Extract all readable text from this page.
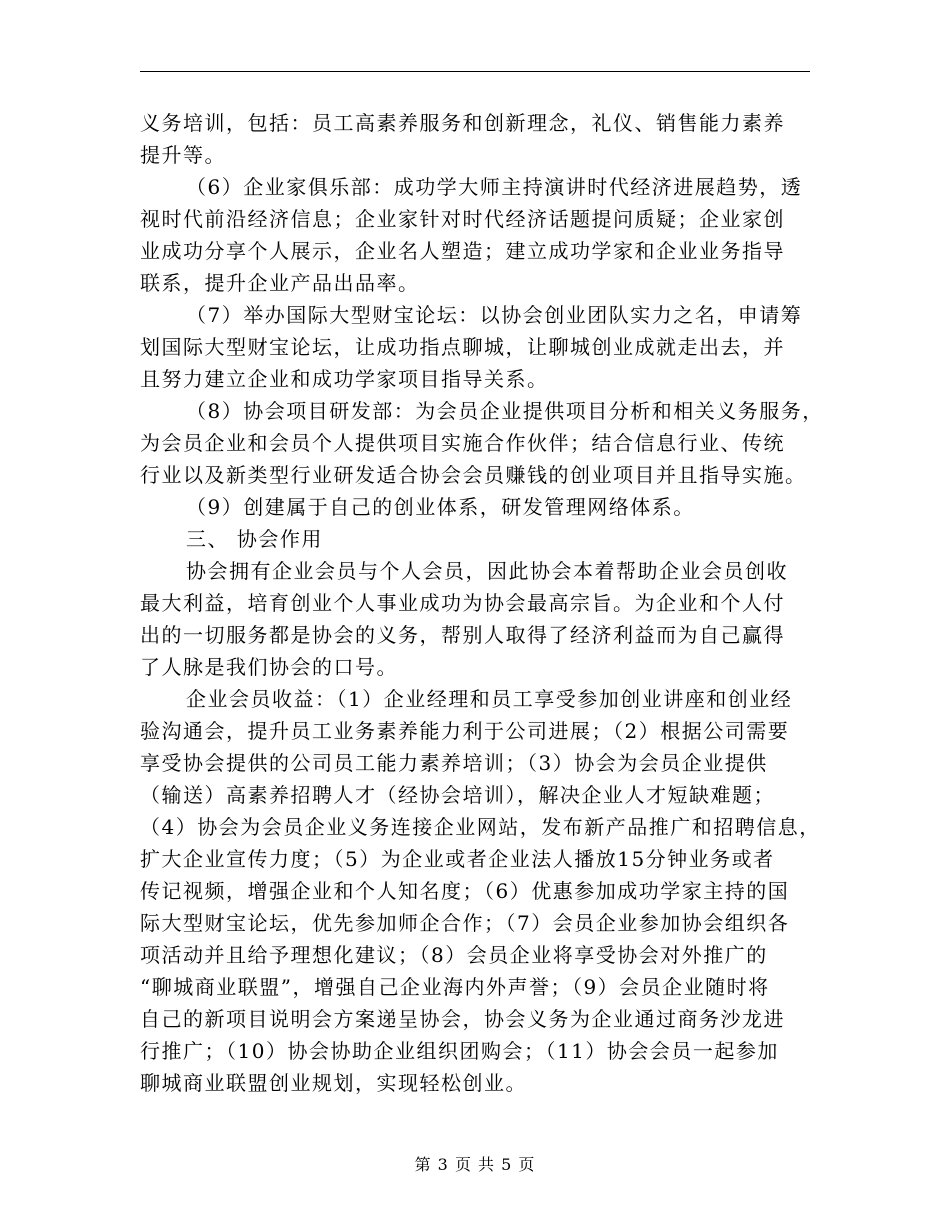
义务培训，包括：员工高素养服务和创新理念，礼仪、销售能力素养
提升等。
（6）企业家俱乐部：成功学大师主持演讲时代经济进展趋势，透
视时代前沿经济信息；企业家针对时代经济话题提问质疑；企业家创
业成功分享个人展示，企业名人塑造；建立成功学家和企业业务指导
联系，提升企业产品出品率。
（7）举办国际大型财宝论坛：以协会创业团队实力之名，申请筹
划国际大型财宝论坛，让成功指点聊城，让聊城创业成就走出去，并
且努力建立企业和成功学家项目指导关系。
（8）协会项目研发部：为会员企业提供项目分析和相关义务服务，
为会员企业和会员个人提供项目实施合作伙伴；结合信息行业、传统
行业以及新类型行业研发适合协会会员赚钱的创业项目并且指导实施。
（9）创建属于自己的创业体系，研发管理网络体系。
三、 协会作用
协会拥有企业会员与个人会员，因此协会本着帮助企业会员创收
最大利益，培育创业个人事业成功为协会最高宗旨。为企业和个人付
出的一切服务都是协会的义务，帮别人取得了经济利益而为自己赢得
了人脉是我们协会的口号。
企业会员收益：（1）企业经理和员工享受参加创业讲座和创业经
验沟通会，提升员工业务素养能力利于公司进展；（2）根据公司需要
享受协会提供的公司员工能力素养培训；（3）协会为会员企业提供
（输送）高素养招聘人才（经协会培训），解决企业人才短缺难题；
（4）协会为会员企业义务连接企业网站，发布新产品推广和招聘信息，
扩大企业宣传力度；（5）为企业或者企业法人播放15分钟业务或者
传记视频，增强企业和个人知名度；（6）优惠参加成功学家主持的国
际大型财宝论坛，优先参加师企合作；（7）会员企业参加协会组织各
项活动并且给予理想化建议；（8）会员企业将享受协会对外推广的
“聊城商业联盟”，增强自己企业海内外声誉；（9）会员企业随时将
自己的新项目说明会方案递呈协会，协会义务为企业通过商务沙龙进
行推广；（10）协会协助企业组织团购会；（11）协会会员一起参加
聊城商业联盟创业规划，实现轻松创业。
第 3 页 共 5 页
